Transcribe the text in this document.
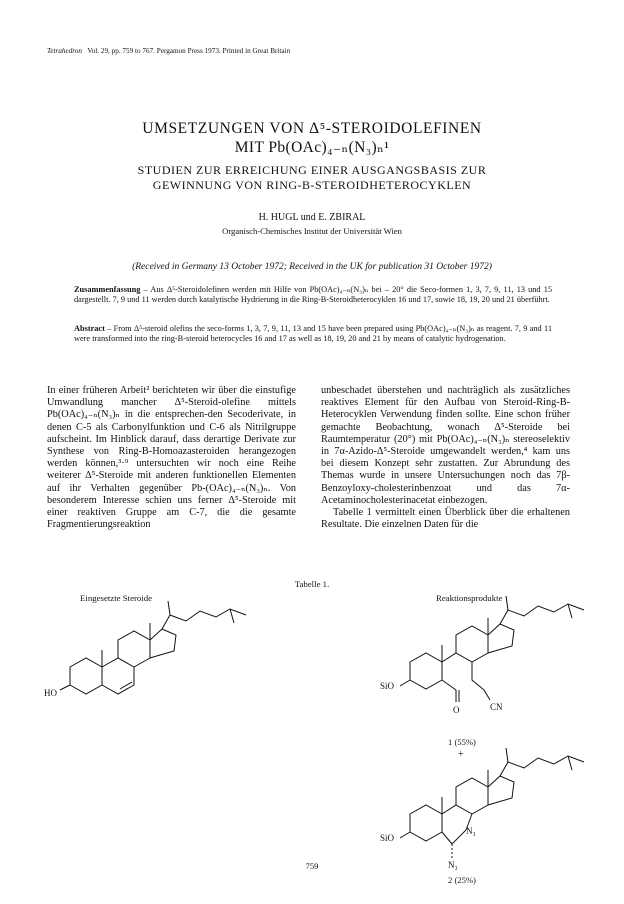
Tetrahedron Vol. 29, pp. 759 to 767. Pergamon Press 1973. Printed in Great Britain
UMSETZUNGEN VON Δ⁵-STEROIDOLEFINEN
MIT Pb(OAc)₄₋ₙ(N₃)ₙ¹
STUDIEN ZUR ERREICHUNG EINER AUSGANGSBASIS ZUR
GEWINNUNG VON RING-B-STEROIDHETEROCYKLEN
H. HUGL und E. ZBIRAL
Organisch-Chemisches Institut der Universität Wien
(Received in Germany 13 October 1972; Received in the UK for publication 31 October 1972)
Zusammenfassung – Aus Δ⁵-Steroidolefinen werden mit Hilfe von Pb(OAc)₄₋ₙ(N₃)ₙ bei – 20° die Seco-formen 1, 3, 7, 9, 11, 13 und 15 dargestellt. 7, 9 und 11 werden durch katalytische Hydrierung in die Ring-B-Steroidheterocyklen 16 und 17, sowie 18, 19, 20 und 21 überführt.
Abstract – From Δ⁵-steroid olefins the seco-forms 1, 3, 7, 9, 11, 13 and 15 have been prepared using Pb(OAc)₄₋ₙ(N₃)ₙ as reagent. 7, 9 and 11 were transformed into the ring-B-steroid heterocycles 16 and 17 as well as 18, 19, 20 and 21 by means of catalytic hydrogenation.
In einer früheren Arbeit² berichteten wir über die einstufige Umwandlung mancher Δ⁵-Steroid-olefine mittels Pb(OAc)₄₋ₙ(N₃)ₙ in die entsprechen-den Secoderivate, in denen C-5 als Carbonylfunktion und C-6 als Nitrilgruppe aufscheint. Im Hinblick darauf, dass derartige Derivate zur Synthese von Ring-B-Homoazasteroiden herangezogen werden können,³·⁹ untersuchten wir noch eine Reihe weiterer Δ⁵-Steroide mit anderen funktionellen Elementen auf ihr Verhalten gegenüber Pb-(OAc)₄₋ₙ(N₃)ₙ. Von besonderem Interesse schien uns ferner Δ⁵-Steroide mit einer reaktiven Gruppe am C-7, die die gesamte Fragmentierungsreaktion
unbeschadet überstehen und nachträglich als zusätzliches reaktives Element für den Aufbau von Steroid-Ring-B-Heterocyklen Verwendung finden sollte. Eine schon früher gemachte Beobachtung, wonach Δ⁵-Steroide bei Raumtemperatur (20°) mit Pb(OAc)₄₋ₙ(N₃)ₙ stereoselektiv in 7α-Azido-Δ⁵-Steroide umgewandelt werden,⁴ kam uns bei diesem Konzept sehr zustatten. Zur Abrundung des Themas wurde in unsere Untersuchungen noch das 7β-Benzoyloxy-cholesterinbenzoat und das 7α-Acetaminocholesterinacetat einbezogen.
Tabelle 1 vermittelt einen Überblick über die erhaltenen Resultate. Die einzelnen Daten für die
Tabelle 1.
Eingesetzte Steroide	Reaktionsprodukte
HO
SiO
O	CN
1 (55%)
+
SiO
N₃
N₃
2 (25%)
759
